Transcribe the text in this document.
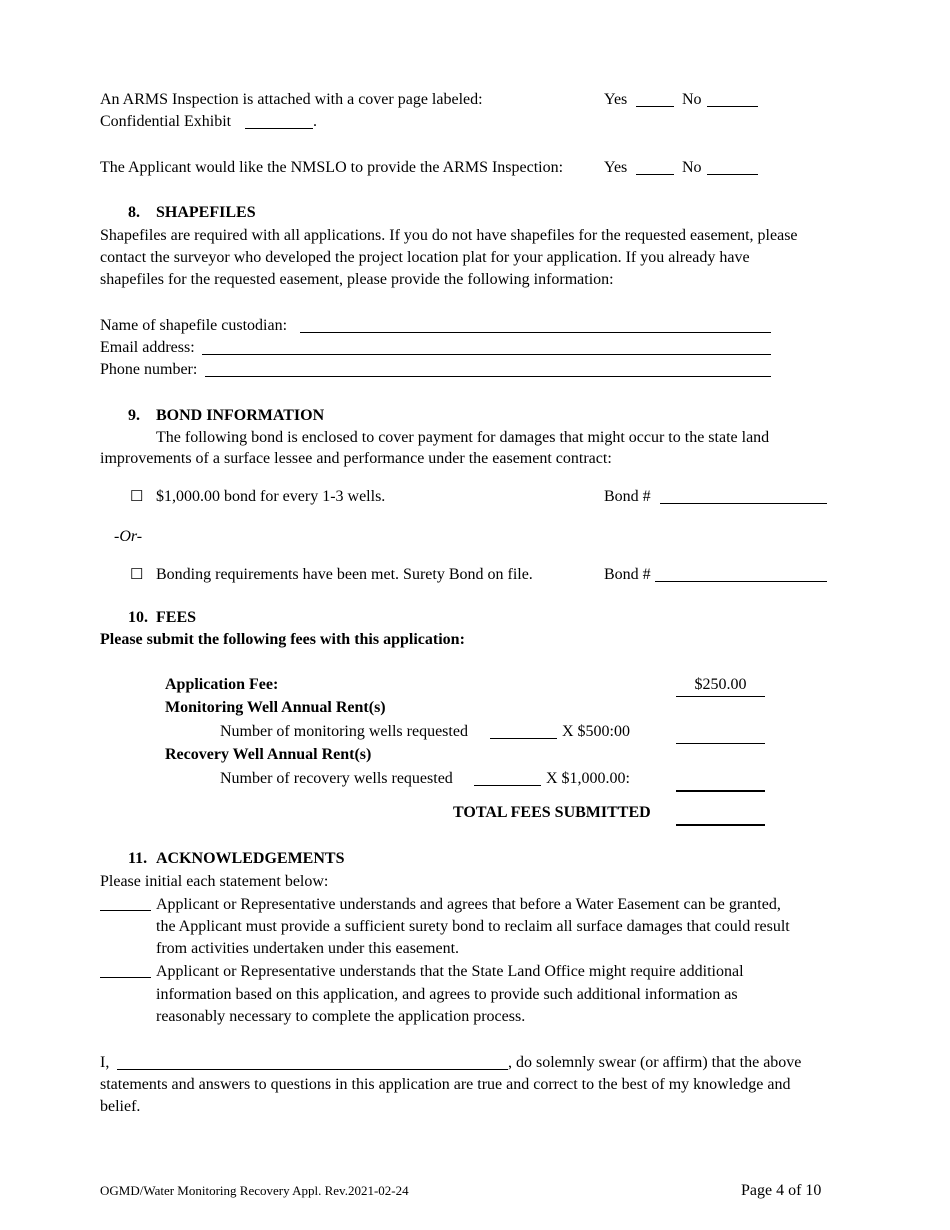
An ARMS Inspection is attached with a cover page labeled:	Yes	No
Confidential Exhibit	.
The Applicant would like the NMSLO to provide the ARMS Inspection:	Yes	No
8. SHAPEFILES
Shapefiles are required with all applications. If you do not have shapefiles for the requested easement, please
contact the surveyor who developed the project location plat for your application. If you already have
shapefiles for the requested easement, please provide the following information:
Name of shapefile custodian:
Email address:
Phone number:
9. BOND INFORMATION
The following bond is enclosed to cover payment for damages that might occur to the state land
improvements of a surface lessee and performance under the easement contract:
☐ $1,000.00 bond for every 1-3 wells.	Bond #
-Or-
☐ Bonding requirements have been met. Surety Bond on file.	Bond #
10. FEES
Please submit the following fees with this application:
Application Fee:	$250.00
Monitoring Well Annual Rent(s)
Number of monitoring wells requested	X $500:00
Recovery Well Annual Rent(s)
Number of recovery wells requested	X $1,000.00:
TOTAL FEES SUBMITTED
11. ACKNOWLEDGEMENTS
Please initial each statement below:
Applicant or Representative understands and agrees that before a Water Easement can be granted,
the Applicant must provide a sufficient surety bond to reclaim all surface damages that could result
from activities undertaken under this easement.
Applicant or Representative understands that the State Land Office might require additional
information based on this application, and agrees to provide such additional information as
reasonably necessary to complete the application process.
I,	, do solemnly swear (or affirm) that the above
statements and answers to questions in this application are true and correct to the best of my knowledge and
belief.
OGMD/Water Monitoring Recovery Appl. Rev.2021-02-24	Page 4 of 10
